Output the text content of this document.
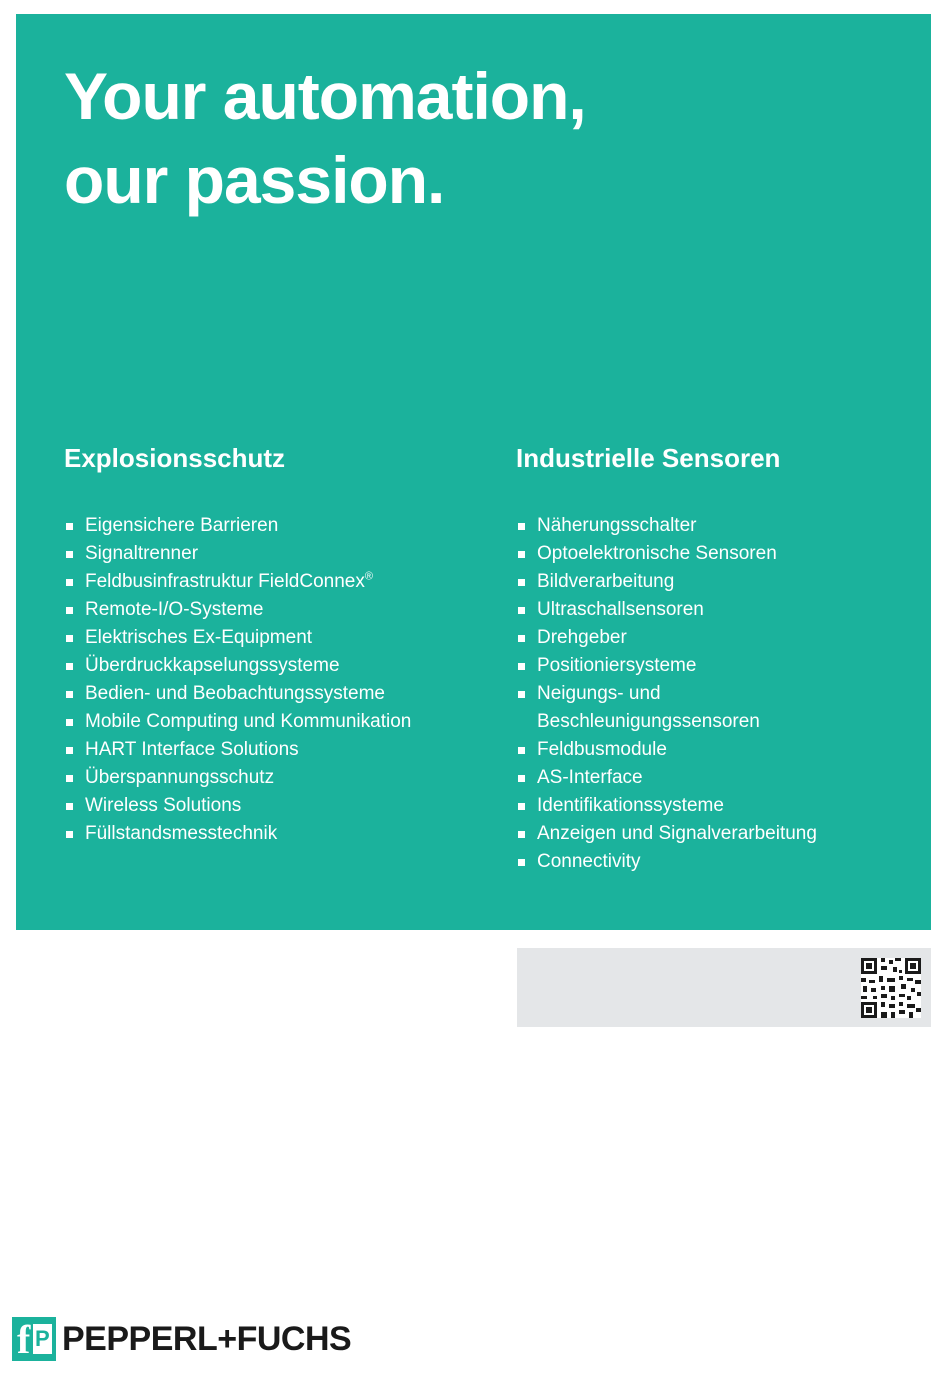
Your automation,
our passion.
Explosionsschutz
Eigensichere Barrieren
Signaltrenner
Feldbusinfrastruktur FieldConnex®
Remote-I/O-Systeme
Elektrisches Ex-Equipment
Überdruckkapselungssysteme
Bedien- und Beobachtungssysteme
Mobile Computing und Kommunikation
HART Interface Solutions
Überspannungsschutz
Wireless Solutions
Füllstandsmesstechnik
Industrielle Sensoren
Näherungsschalter
Optoelektronische Sensoren
Bildverarbeitung
Ultraschallsensoren
Drehgeber
Positioniersysteme
Neigungs- und
Beschleunigungssensoren
Feldbusmodule
AS-Interface
Identifikationssysteme
Anzeigen und Signalverarbeitung
Connectivity
f P PEPPERL+FUCHS
